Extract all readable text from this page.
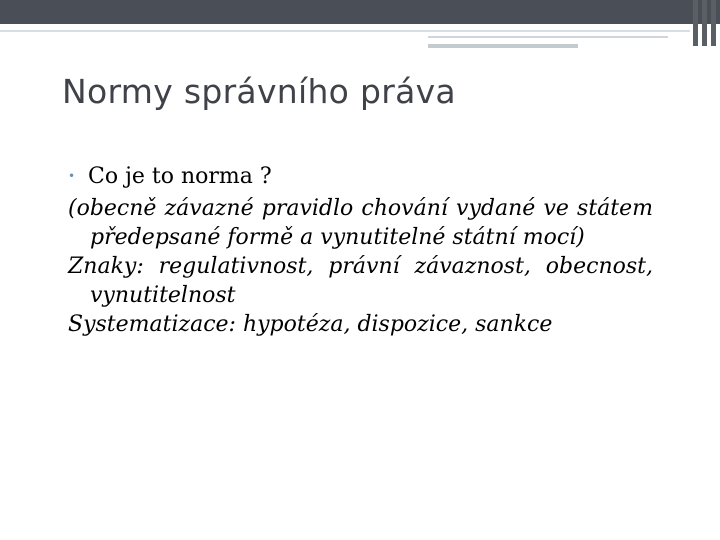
Normy správního práva
• Co je to norma ?

(obecně závazné pravidlo chování vydané ve státem předepsané formě a vynutitelné státní mocí)

Znaky: regulativnost, právní závaznost, obecnost, vynutitelnost

Systematizace: hypotéza, dispozice, sankce
